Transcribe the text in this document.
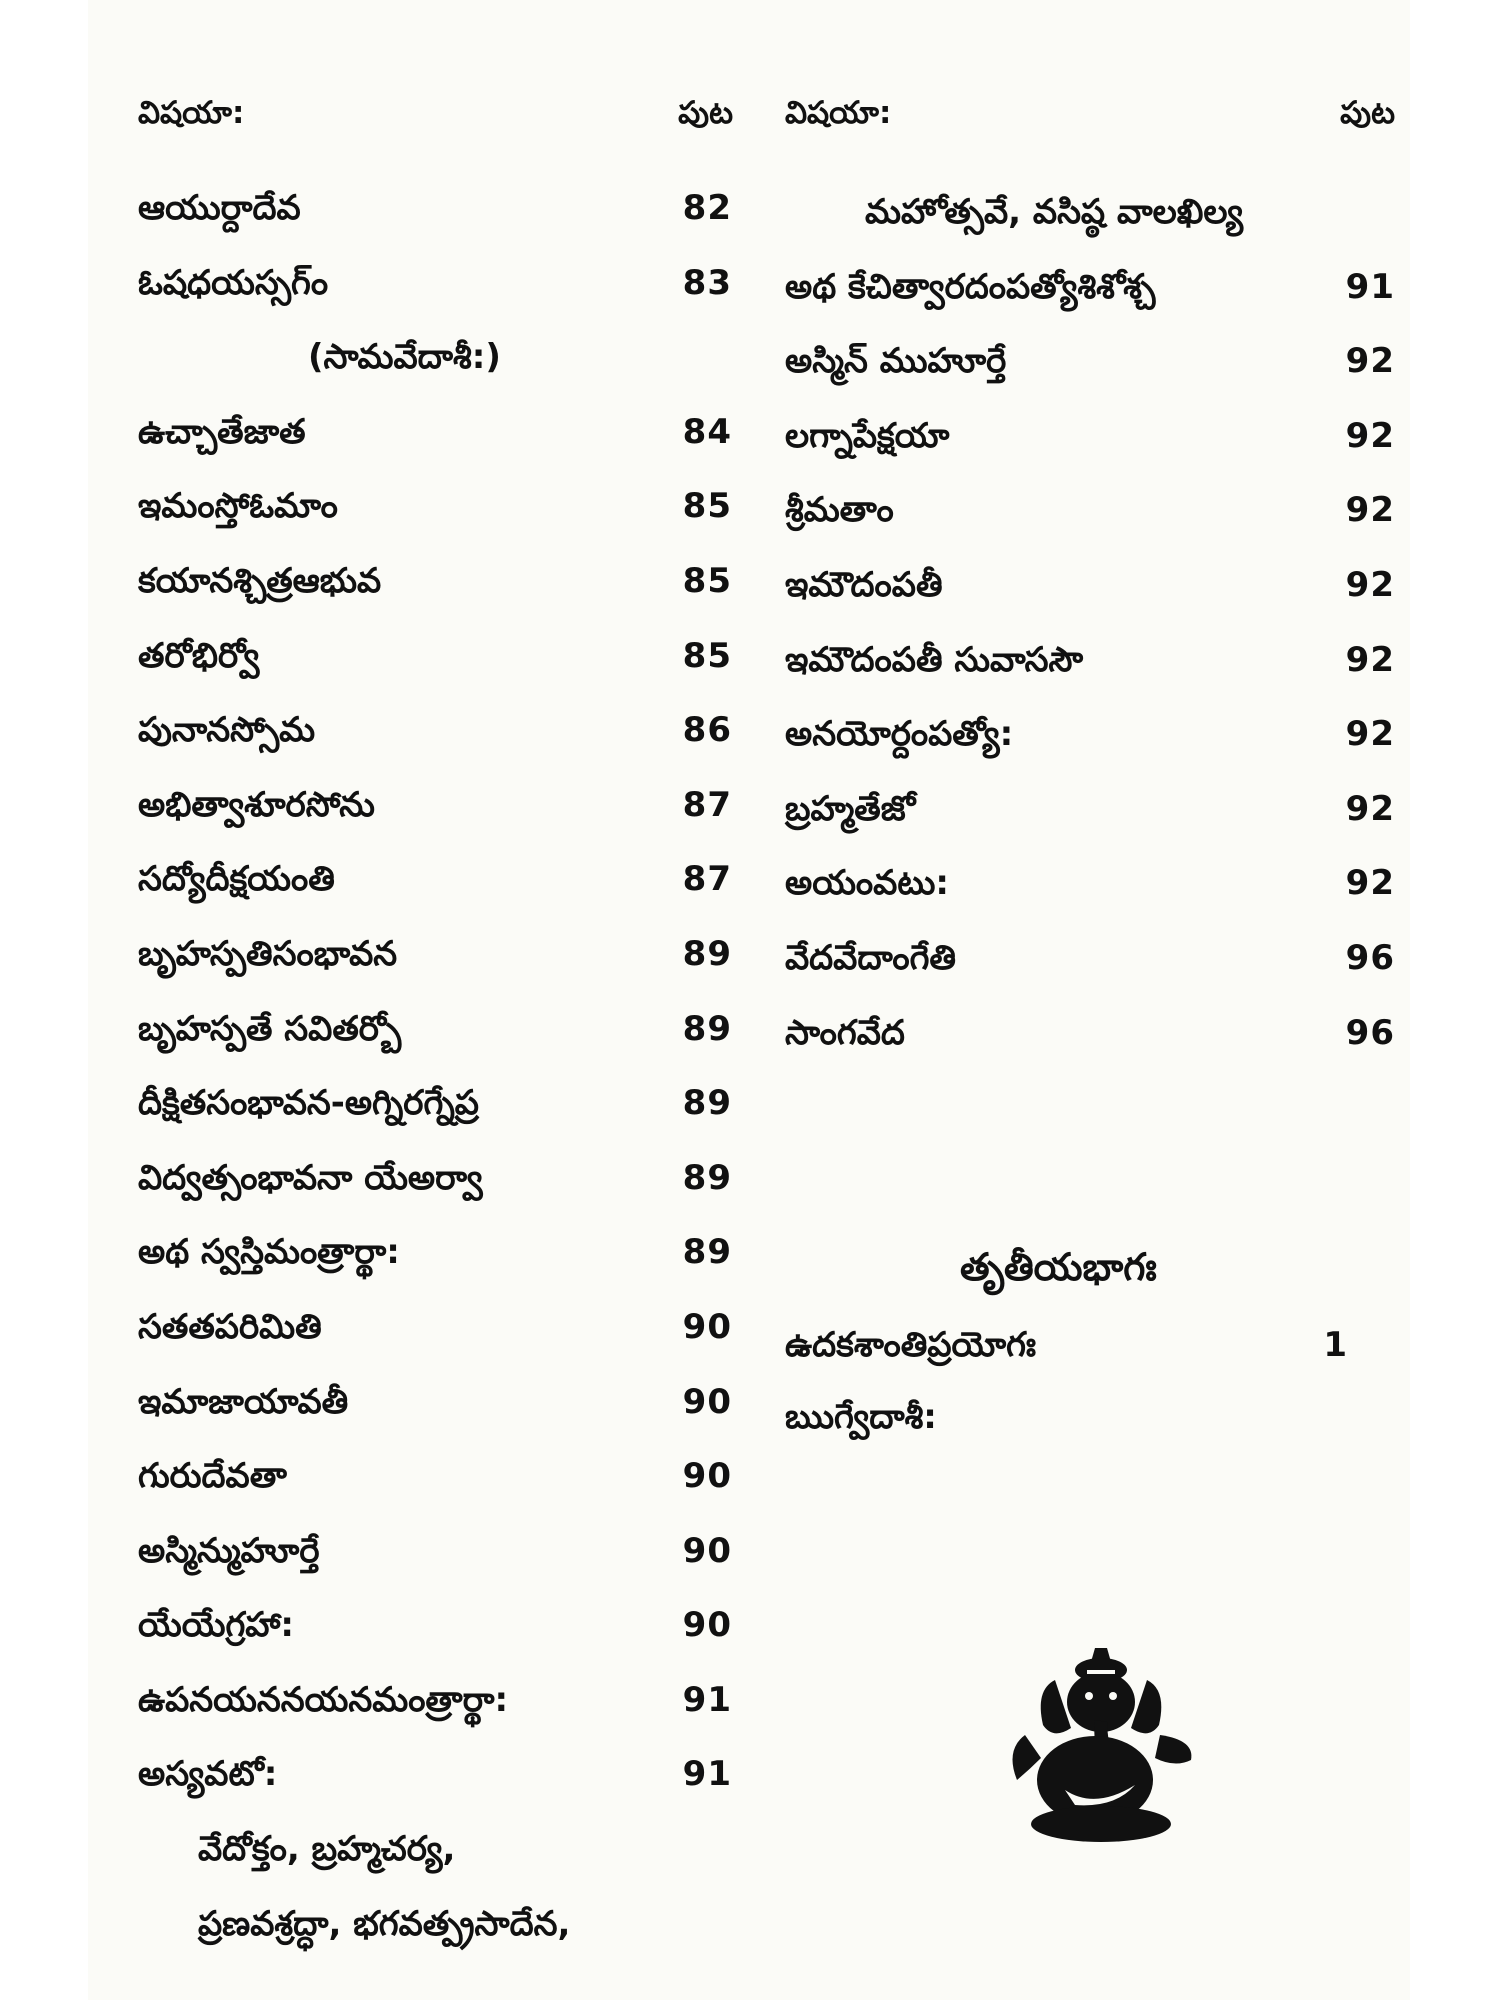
విషయా:	పుట
ఆయుర్దాదేవ	82
ఓషధయస్సగ్ం	83
(సామవేదాశీ:)
ఉచ్చాతేజాత	84
ఇమంస్తోఓమాం	85
కయానశ్చిత్రఆభువ	85
తరోభిర్వో	85
పునానస్సోమ	86
అభిత్వాశూరసోను	87
సద్యోదీక్షయంతి	87
బృహస్పతిసంభావన	89
బృహస్పతే సవితర్బో	89
దీక్షితసంభావన-అగ్నిరగ్నేప్ర	89
విద్వత్సంభావనా యేఅర్వా	89
అథ స్వస్తిమంత్రార్థా:	89
సతతపరిమితి	90
ఇమాజాయావతీ	90
గురుదేవతా	90
అస్మిన్ముహూర్తే	90
యేయేగ్రహా:	90
ఉపనయననయనమంత్రార్థా:	91
అస్యవటో:	91
వేదోక్తం, బ్రహ్మచర్య,
ప్రణవశ్రద్ధా, భగవత్ప్రసాదేన,
విషయా:	పుట
మహోత్సవే, వసిష్ఠ వాలఖిల్య
అథ కేచిత్వారదంపత్యోశిశోశ్చ	91
అస్మిన్ ముహూర్తే	92
లగ్నాపేక్షయా	92
శ్రీమతాం	92
ఇమౌదంపతీ	92
ఇమౌదంపతీ సువాససౌ	92
అనయోర్దంపత్యో:	92
బ్రహ్మతేజో	92
అయంవటు:	92
వేదవేదాంగేతి	96
సాంగవేద	96
తృతీయభాగః
ఉదకశాంతిప్రయోగః	1
ఋగ్వేదాశీ:
